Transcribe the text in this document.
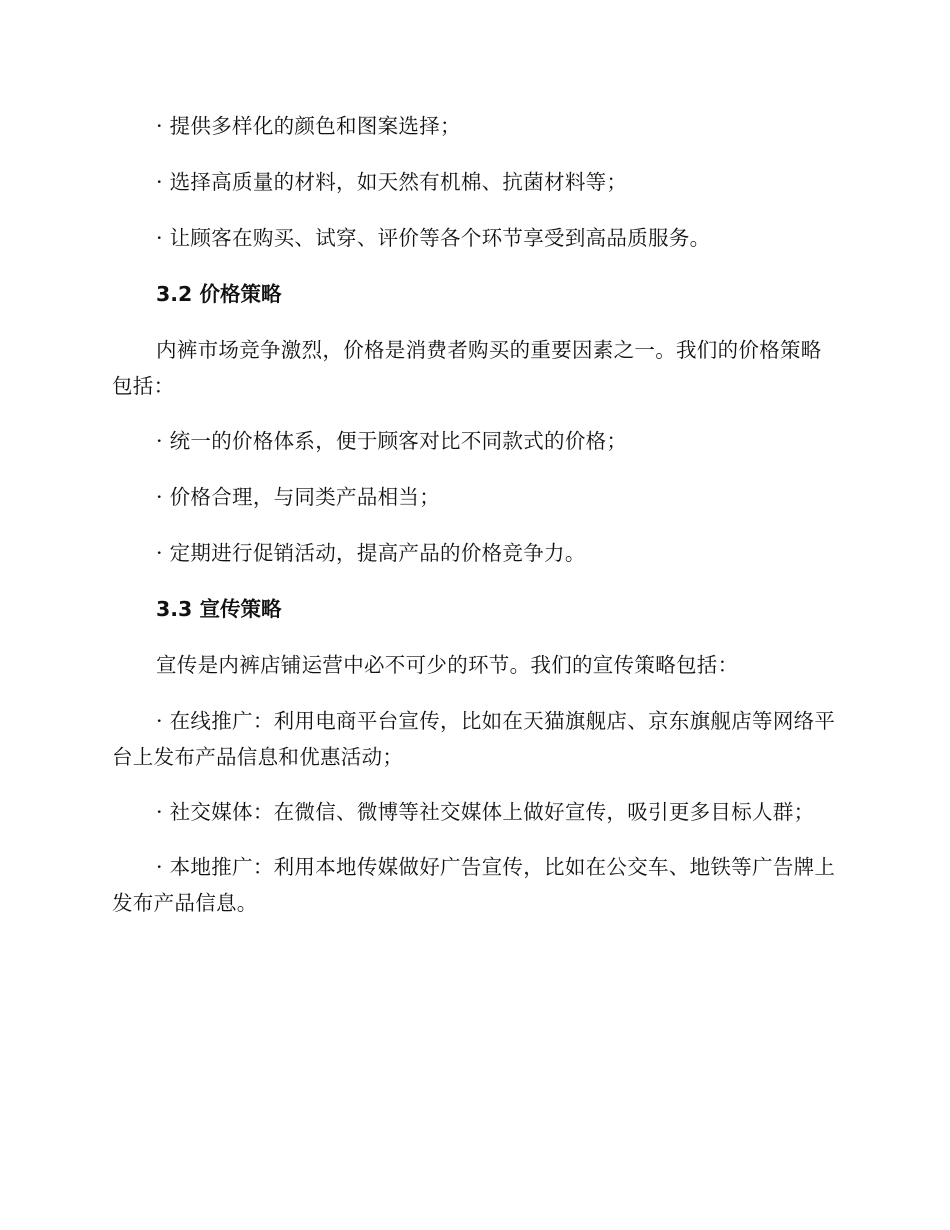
· 提供多样化的颜色和图案选择；

· 选择高质量的材料，如天然有机棉、抗菌材料等；

· 让顾客在购买、试穿、评价等各个环节享受到高品质服务。

3.2 价格策略

内裤市场竞争激烈，价格是消费者购买的重要因素之一。我们的价格策略包括：

· 统一的价格体系，便于顾客对比不同款式的价格；

· 价格合理，与同类产品相当；

· 定期进行促销活动，提高产品的价格竞争力。

3.3 宣传策略

宣传是内裤店铺运营中必不可少的环节。我们的宣传策略包括：

· 在线推广：利用电商平台宣传，比如在天猫旗舰店、京东旗舰店等网络平台上发布产品信息和优惠活动；

· 社交媒体：在微信、微博等社交媒体上做好宣传，吸引更多目标人群；

· 本地推广：利用本地传媒做好广告宣传，比如在公交车、地铁等广告牌上发布产品信息。
